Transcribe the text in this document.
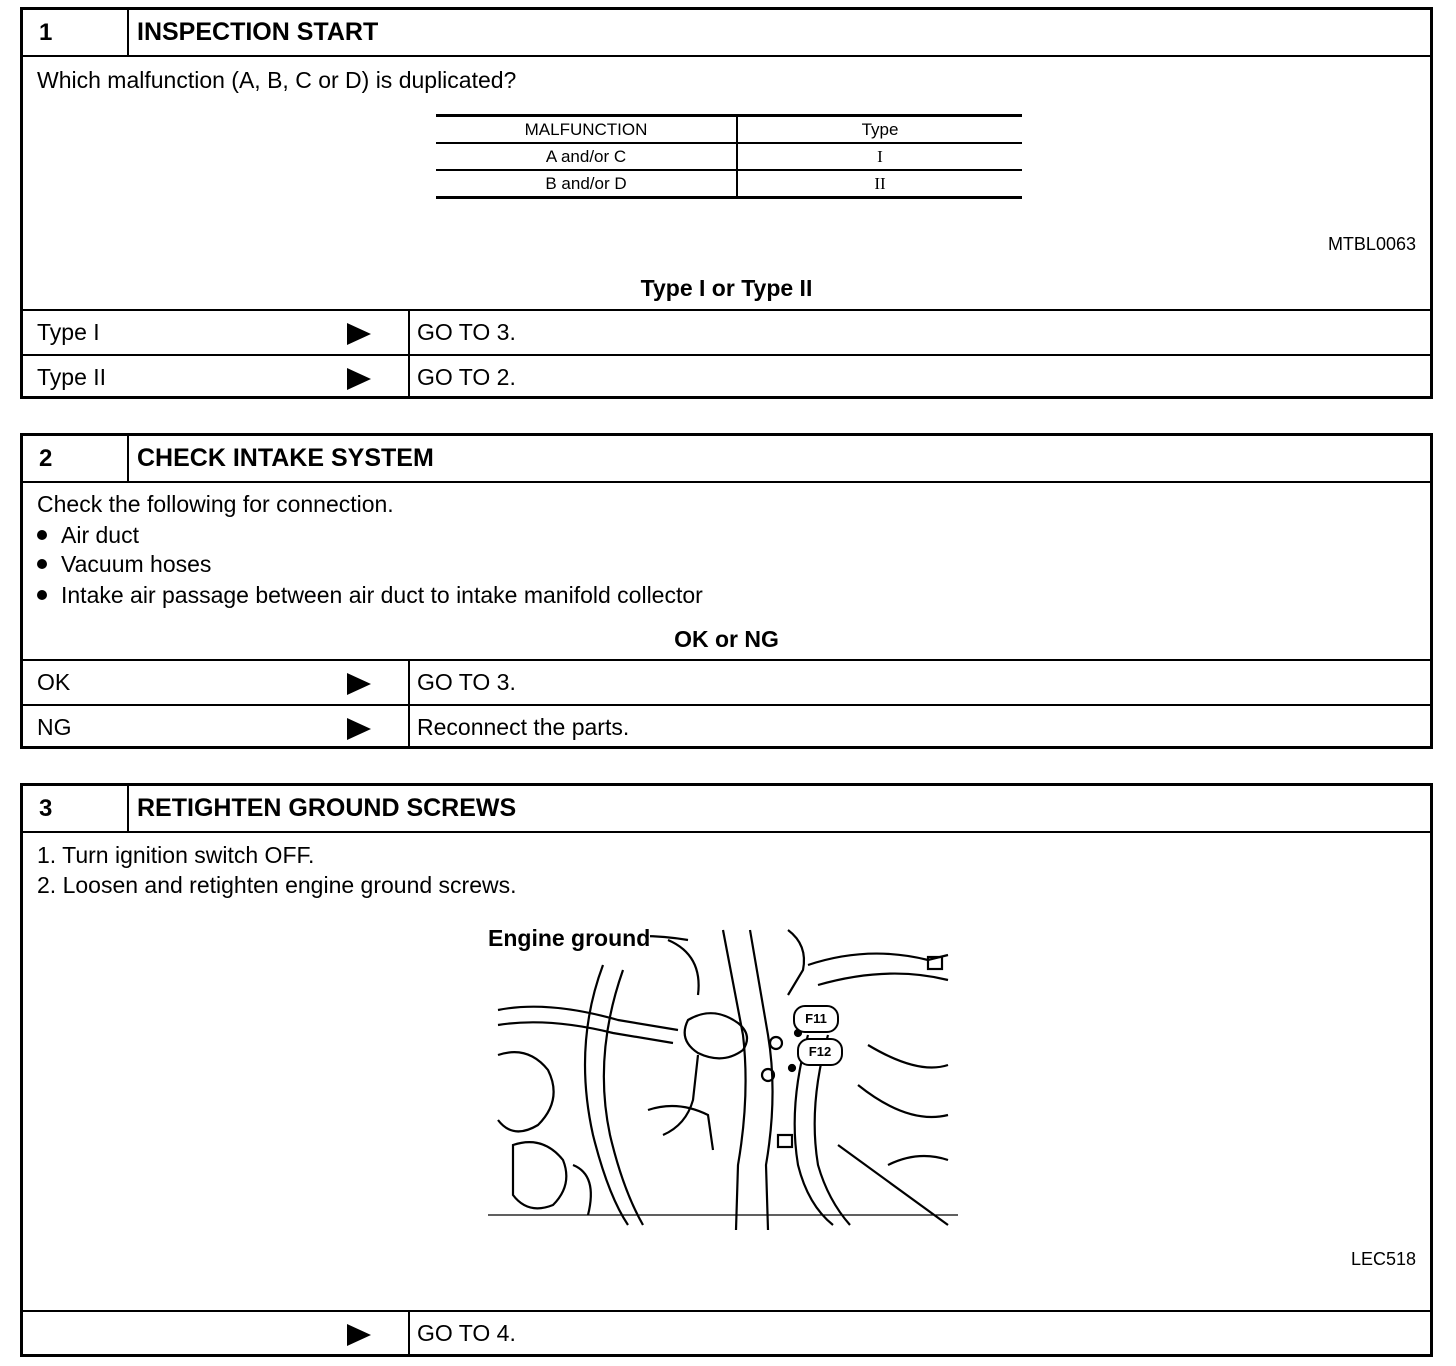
1	INSPECTION START
Which malfunction (A, B, C or D) is duplicated?
MALFUNCTION	Type
A and/or C	I
B and/or D	II
MTBL0063
Type I or Type II
Type I	GO TO 3.
Type II	GO TO 2.
2	CHECK INTAKE SYSTEM
Check the following for connection.
Air duct
Vacuum hoses
Intake air passage between air duct to intake manifold collector
OK or NG
OK	GO TO 3.
NG	Reconnect the parts.
3	RETIGHTEN GROUND SCREWS
1. Turn ignition switch OFF.
2. Loosen and retighten engine ground screws.
Engine ground
F11
F12
LEC518
GO TO 4.
